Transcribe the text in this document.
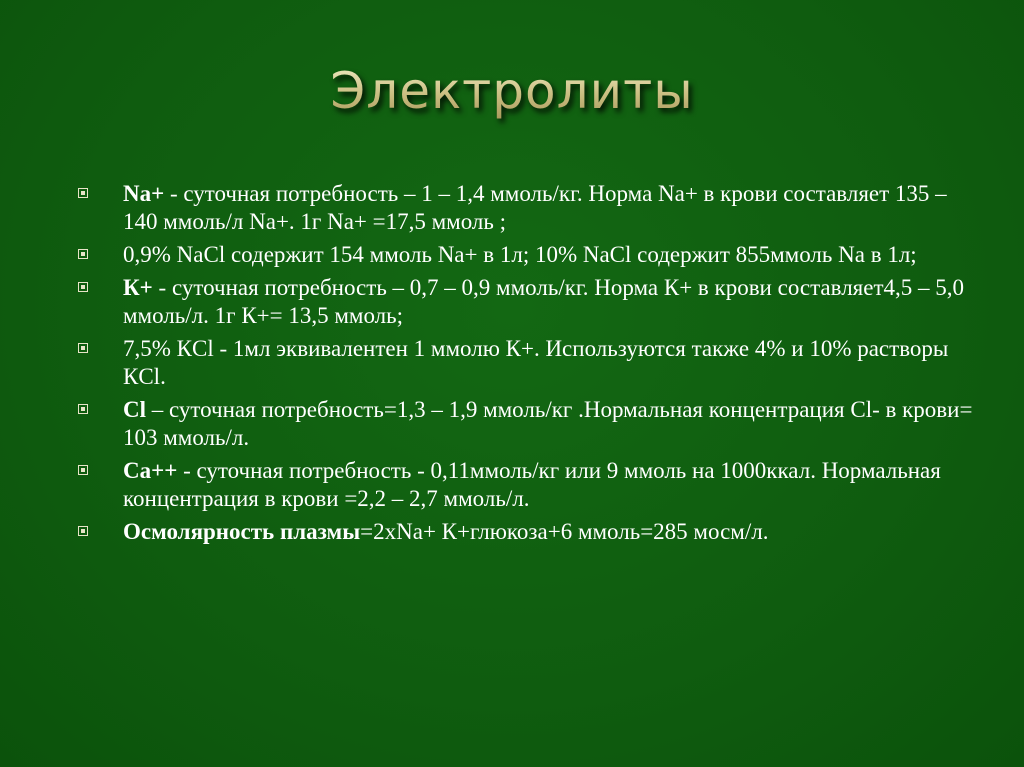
Электролиты
Na+ - суточная потребность – 1 – 1,4 ммоль/кг. Норма Na+ в крови составляет 135 – 140 ммоль/л Na+. 1г Na+ =17,5 ммоль ;
0,9% NaCl содержит 154 ммоль Na+ в 1л; 10% NaCl содержит 855ммоль Na в 1л;
К+ - суточная потребность – 0,7 – 0,9 ммоль/кг. Норма К+ в крови составляет4,5 – 5,0 ммоль/л. 1г К+= 13,5 ммоль;
7,5% КCl - 1мл эквивалентен 1 ммолю К+. Используются также 4% и 10% растворы КCl.
Cl – суточная потребность=1,3 – 1,9 ммоль/кг .Нормальная концентрация Cl- в крови= 103 ммоль/л.
Са++ - суточная потребность - 0,11ммоль/кг или 9 ммоль на 1000ккал. Нормальная концентрация в крови =2,2 – 2,7 ммоль/л.
Осмолярность плазмы=2хNa+ К+глюкоза+6 ммоль=285 мосм/л.
